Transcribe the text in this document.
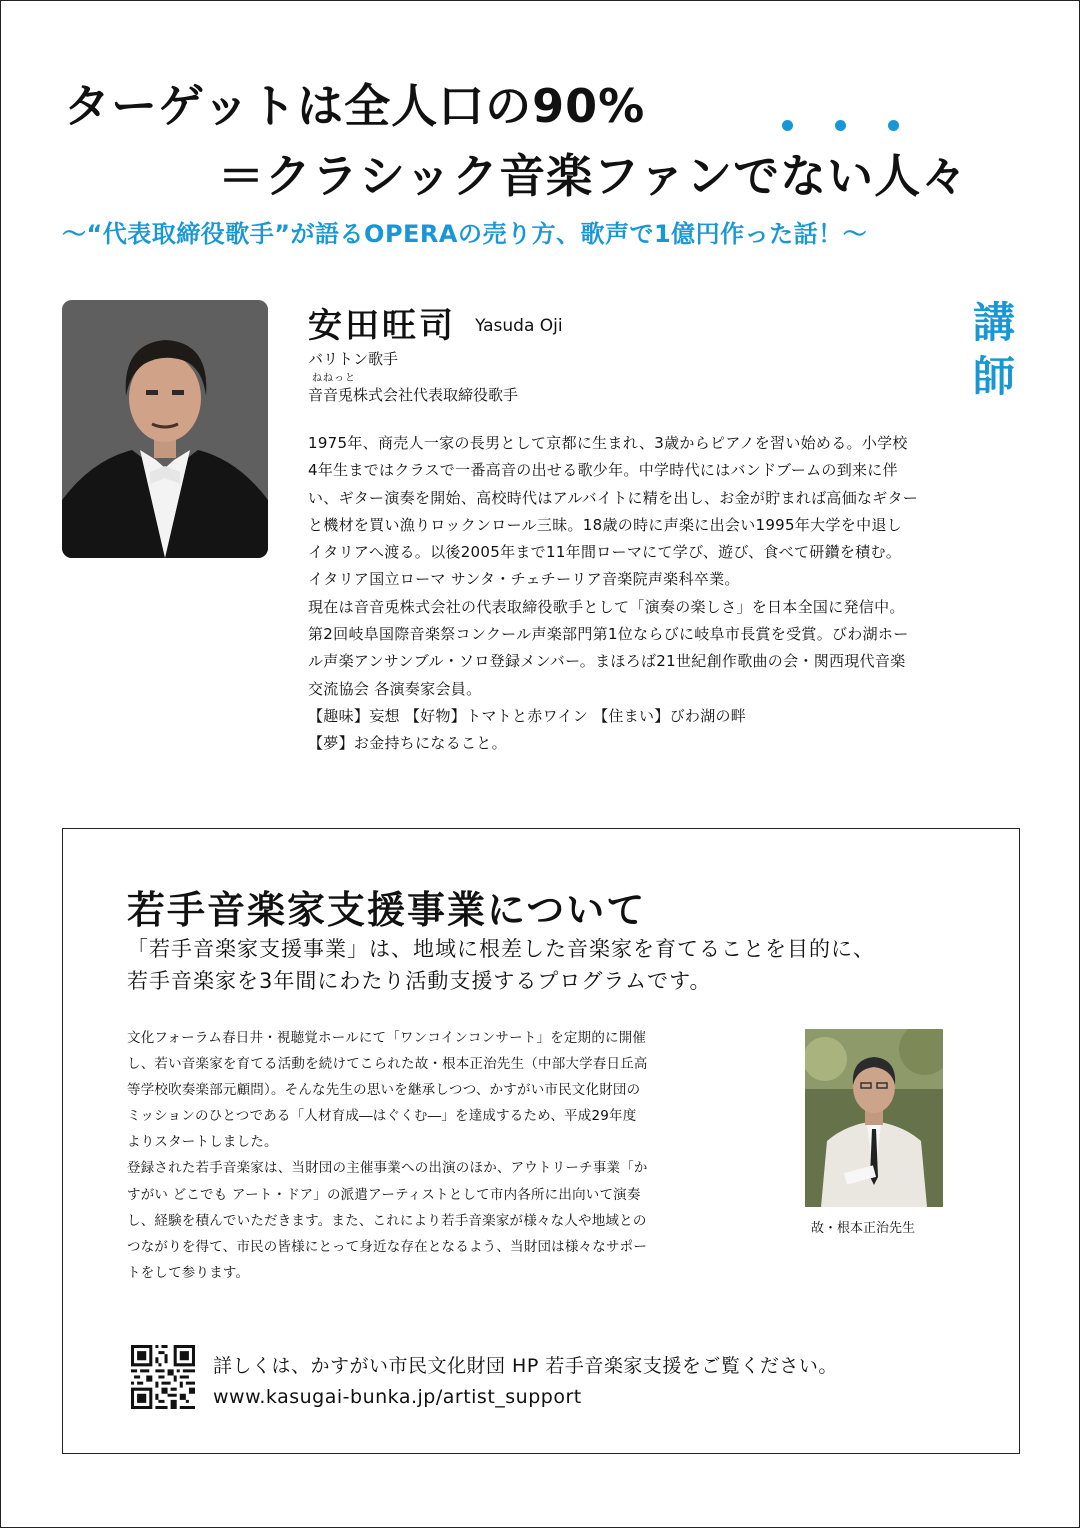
ターゲットは全人口の90%
＝クラシック音楽ファンでない人々
〜“代表取締役歌手”が語るOPERAの売り方、歌声で1億円作った話！〜
安田旺司 Yasuda Oji	講
師
バリトン歌手
ねねっと
音音兎株式会社代表取締役歌手
1975年、商売人一家の長男として京都に生まれ、3歳からピアノを習い始める。小学校
4年生まではクラスで一番高音の出せる歌少年。中学時代にはバンドブームの到来に伴
い、ギター演奏を開始、高校時代はアルバイトに精を出し、お金が貯まれば高価なギター
と機材を買い漁りロックンロール三昧。18歳の時に声楽に出会い1995年大学を中退し
イタリアへ渡る。以後2005年まで11年間ローマにて学び、遊び、食べて研鑽を積む。
イタリア国立ローマ サンタ・チェチーリア音楽院声楽科卒業。
現在は音音兎株式会社の代表取締役歌手として「演奏の楽しさ」を日本全国に発信中。
第2回岐阜国際音楽祭コンクール声楽部門第1位ならびに岐阜市長賞を受賞。びわ湖ホー
ル声楽アンサンブル・ソロ登録メンバー。まほろば21世紀創作歌曲の会・関西現代音楽
交流協会 各演奏家会員。
【趣味】妄想 【好物】トマトと赤ワイン 【住まい】びわ湖の畔
【夢】お金持ちになること。
若手音楽家支援事業について
「若手音楽家支援事業」は、地域に根差した音楽家を育てることを目的に、
若手音楽家を3年間にわたり活動支援するプログラムです。
文化フォーラム春日井・視聴覚ホールにて「ワンコインコンサート」を定期的に開催
し、若い音楽家を育てる活動を続けてこられた故・根本正治先生（中部大学春日丘高
等学校吹奏楽部元顧問）。そんな先生の思いを継承しつつ、かすがい市民文化財団の
ミッションのひとつである「人材育成―はぐくむ―」を達成するため、平成29年度
よりスタートしました。
登録された若手音楽家は、当財団の主催事業への出演のほか、アウトリーチ事業「か
すがい どこでも アート・ドア」の派遣アーティストとして市内各所に出向いて演奏
し、経験を積んでいただきます。また、これにより若手音楽家が様々な人や地域との
つながりを得て、市民の皆様にとって身近な存在となるよう、当財団は様々なサポー
トをして参ります。
故・根本正治先生
詳しくは、かすがい市民文化財団 HP 若手音楽家支援をご覧ください。
www.kasugai-bunka.jp/artist_support
